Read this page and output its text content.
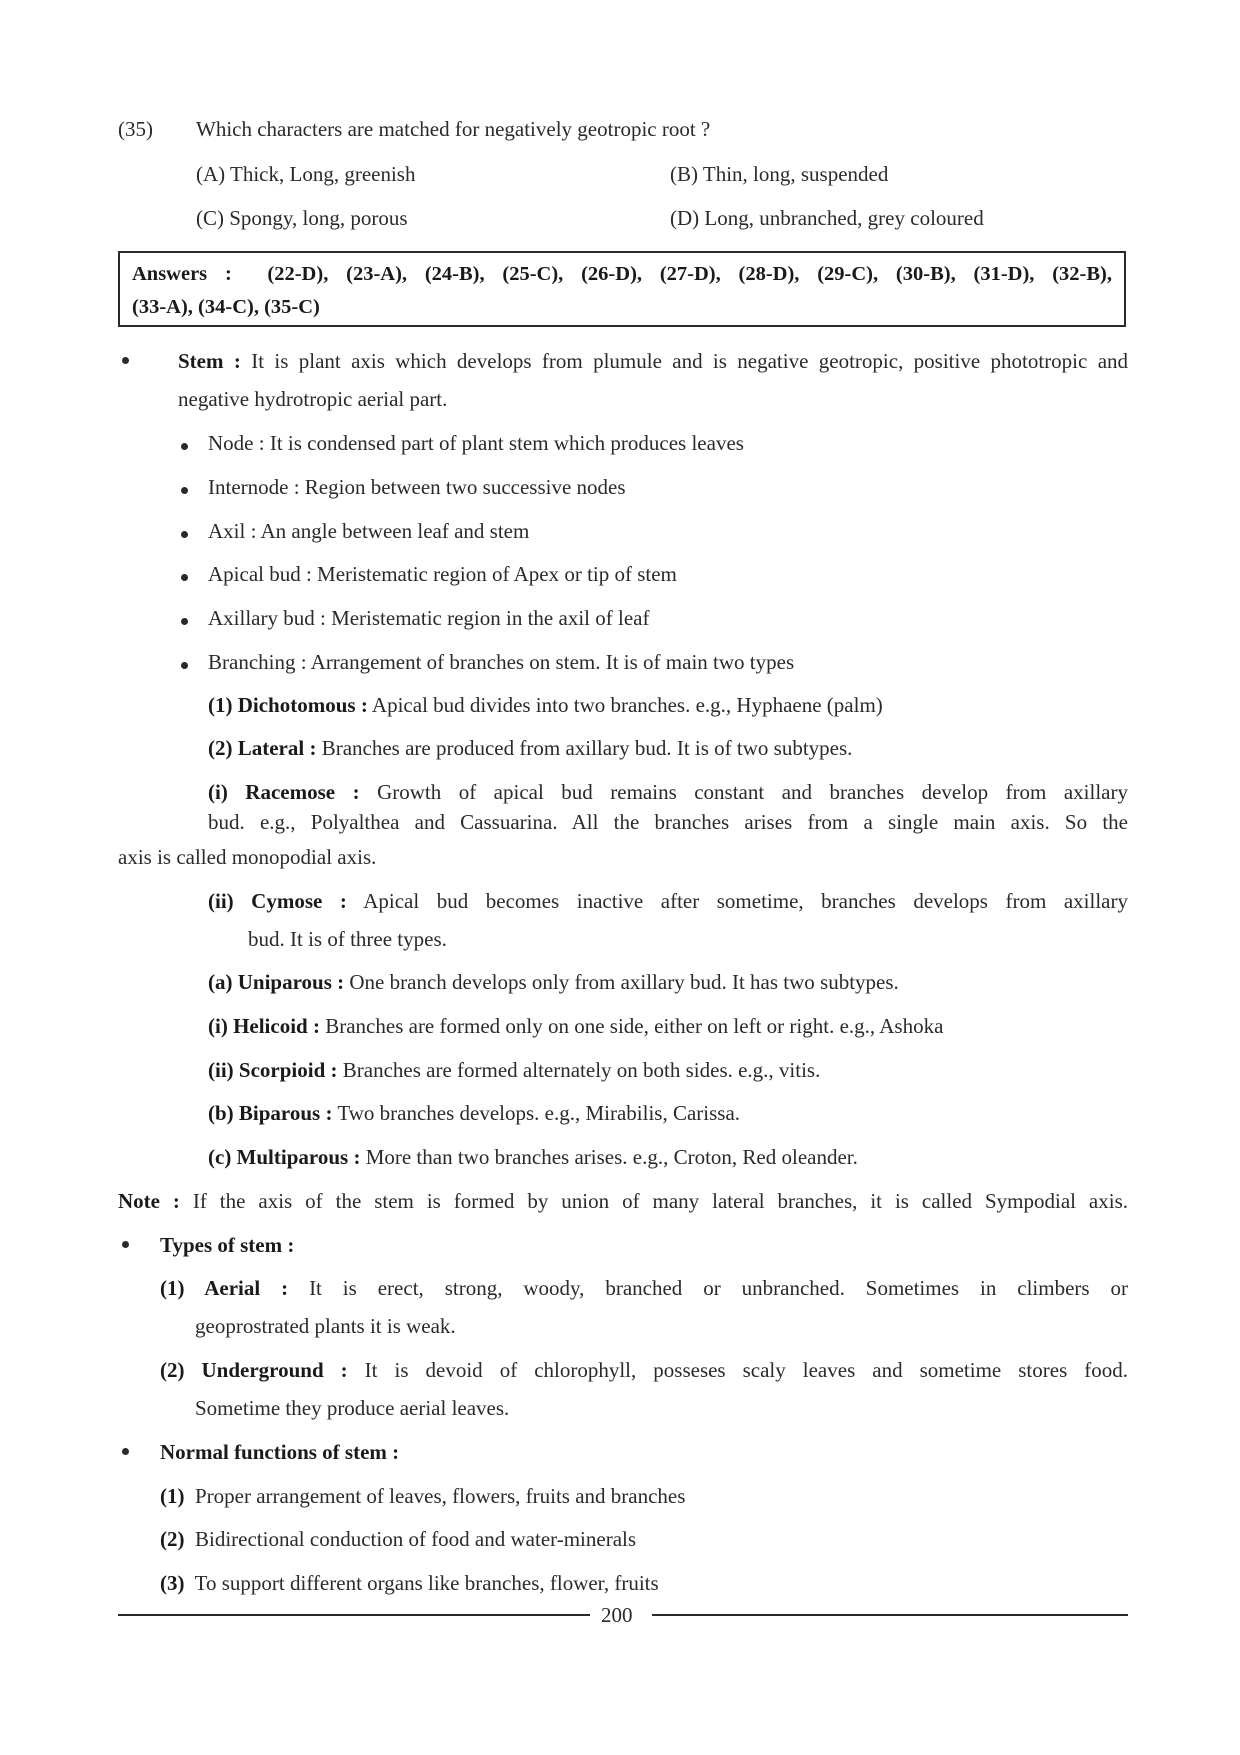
(35) Which characters are matched for negatively geotropic root ?
(A) Thick, Long, greenish	(B) Thin, long, suspended
(C) Spongy, long, porous	(D) Long, unbranched, grey coloured
Answers : (22-D), (23-A), (24-B), (25-C), (26-D), (27-D), (28-D), (29-C), (30-B), (31-D), (32-B),
(33-A), (34-C), (35-C)
Stem : It is plant axis which develops from plumule and is negative geotropic, positive phototropic and
negative hydrotropic aerial part.
Node : It is condensed part of plant stem which produces leaves
Internode : Region between two successive nodes
Axil : An angle between leaf and stem
Apical bud : Meristematic region of Apex or tip of stem
Axillary bud : Meristematic region in the axil of leaf
Branching : Arrangement of branches on stem. It is of main two types
(1) Dichotomous : Apical bud divides into two branches. e.g., Hyphaene (palm)
(2) Lateral : Branches are produced from axillary bud. It is of two subtypes.
(i) Racemose : Growth of apical bud remains constant and branches develop from axillary
bud. e.g., Polyalthea and Cassuarina. All the branches arises from a single main axis. So the
axis is called monopodial axis.
(ii) Cymose : Apical bud becomes inactive after sometime, branches develops from axillary
bud. It is of three types.
(a) Uniparous : One branch develops only from axillary bud. It has two subtypes.
(i) Helicoid : Branches are formed only on one side, either on left or right. e.g., Ashoka
(ii) Scorpioid : Branches are formed alternately on both sides. e.g., vitis.
(b) Biparous : Two branches develops. e.g., Mirabilis, Carissa.
(c) Multiparous : More than two branches arises. e.g., Croton, Red oleander.
Note : If the axis of the stem is formed by union of many lateral branches, it is called Sympodial axis.
Types of stem :
(1) Aerial : It is erect, strong, woody, branched or unbranched. Sometimes in climbers or
geoprostrated plants it is weak.
(2) Underground : It is devoid of chlorophyll, posseses scaly leaves and sometime stores food.
Sometime they produce aerial leaves.
Normal functions of stem :
(1) Proper arrangement of leaves, flowers, fruits and branches
(2) Bidirectional conduction of food and water-minerals
(3) To support different organs like branches, flower, fruits
200
